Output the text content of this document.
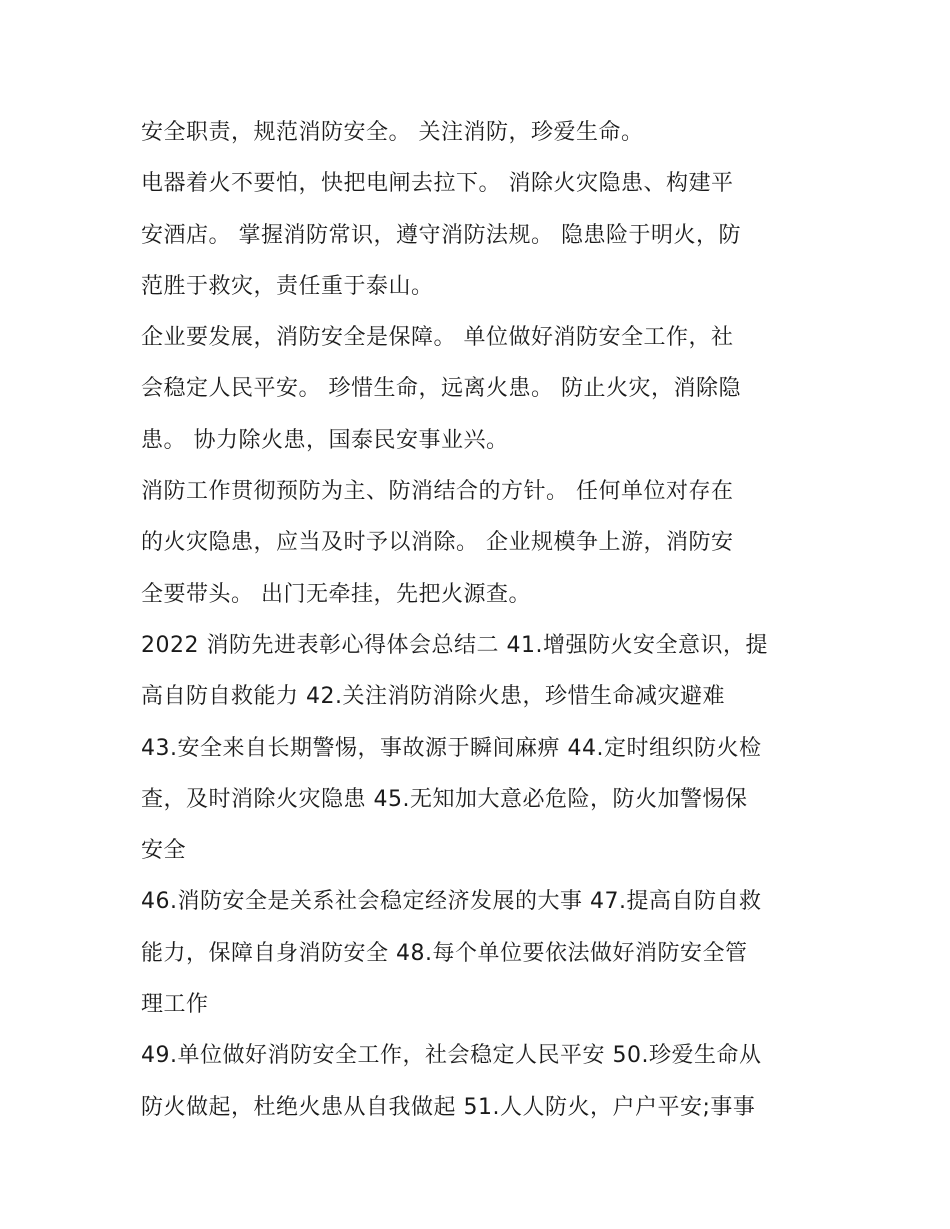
安全职责，规范消防安全。 关注消防，珍爱生命。
电器着火不要怕，快把电闸去拉下。 消除火灾隐患、构建平
安酒店。 掌握消防常识，遵守消防法规。 隐患险于明火，防
范胜于救灾，责任重于泰山。
企业要发展，消防安全是保障。 单位做好消防安全工作，社
会稳定人民平安。 珍惜生命，远离火患。 防止火灾，消除隐
患。 协力除火患，国泰民安事业兴。
消防工作贯彻预防为主、防消结合的方针。 任何单位对存在
的火灾隐患，应当及时予以消除。 企业规模争上游，消防安
全要带头。 出门无牵挂，先把火源查。
2022 消防先进表彰心得体会总结二 41.增强防火安全意识，提
高自防自救能力 42.关注消防消除火患，珍惜生命减灾避难
43.安全来自长期警惕，事故源于瞬间麻痹 44.定时组织防火检
查，及时消除火灾隐患 45.无知加大意必危险，防火加警惕保
安全
46.消防安全是关系社会稳定经济发展的大事 47.提高自防自救
能力，保障自身消防安全 48.每个单位要依法做好消防安全管
理工作
49.单位做好消防安全工作，社会稳定人民平安 50.珍爱生命从
防火做起，杜绝火患从自我做起 51.人人防火，户户平安;事事
